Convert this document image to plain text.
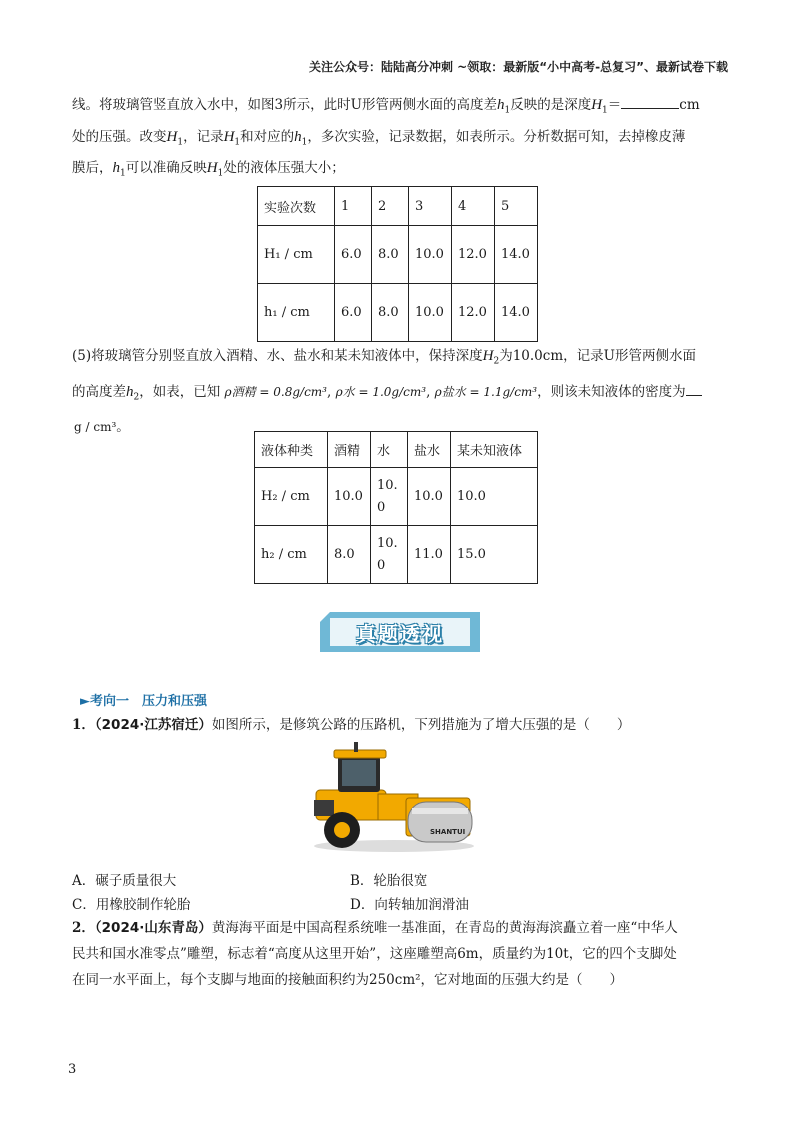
关注公众号：陆陆高分冲刺 ~领取：最新版“小中高考-总复习”、最新试卷下载
线。将玻璃管竖直放入水中，如图3所示，此时U形管两侧水面的高度差$h_1$反映的是深度$H_1=$	cm
处的压强。改变$H_1$，记录$H_1$和对应的$h_1$，多次实验，记录数据，如表所示。分析数据可知，去掉橡皮薄
膜后，$h_1$可以准确反映$H_1$处的液体压强大小；
实验次数	1	2	3	4	5
H₁ / cm	6.0	8.0	10.0	12.0	14.0
h₁ / cm	6.0	8.0	10.0	12.0	14.0
(5)将玻璃管分别竖直放入酒精、水、盐水和某未知液体中，保持深度$H_2$为10.0cm，记录U形管两侧水面
的高度差$h_2$，如表，已知 ρ酒精 = 0.8g/cm³, ρ水 = 1.0g/cm³, ρ盐水 = 1.1g/cm³，则该未知液体的密度为
g / cm³。
液体种类	酒精	水	盐水	某未知液体
H₂ / cm	10.0	10.0	10.0	10.0
h₂ / cm	8.0	10.0	11.0	15.0
真题透视
►考向一　压力和压强
1．（2024·江苏宿迁）如图所示，是修筑公路的压路机，下列措施为了增大压强的是（　　）
SHANTUI
A．碾子质量很大	B．轮胎很宽
C．用橡胶制作轮胎	D．向转轴加润滑油
2．（2024·山东青岛）黄海海平面是中国高程系统唯一基准面，在青岛的黄海海滨矗立着一座“中华人
民共和国水准零点”雕塑，标志着“高度从这里开始”，这座雕塑高6m，质量约为10t，它的四个支脚处
在同一水平面上，每个支脚与地面的接触面积约为250cm²，它对地面的压强大约是（　　）
3
